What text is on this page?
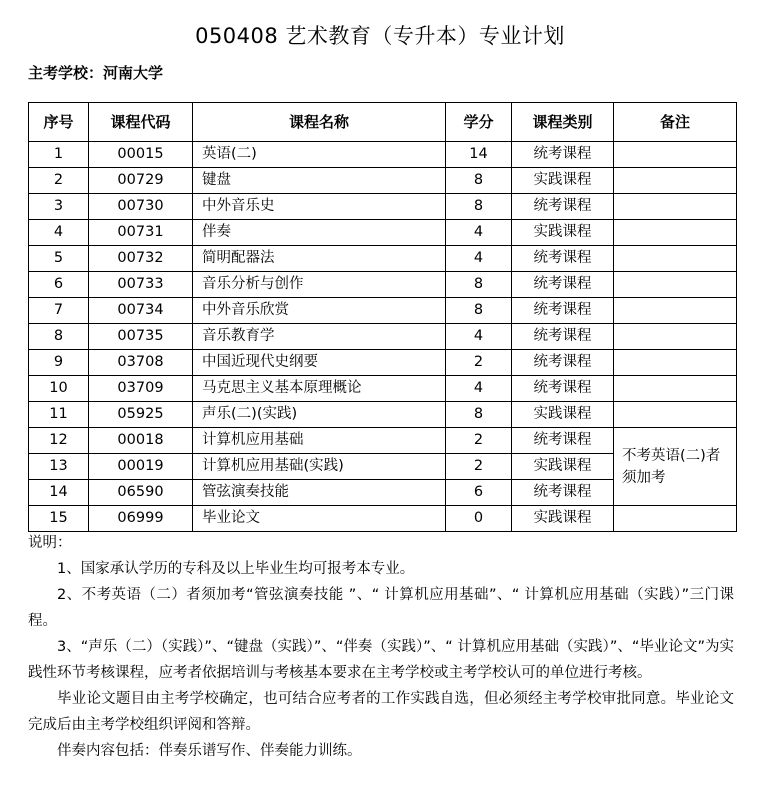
050408 艺术教育（专升本）专业计划
主考学校：河南大学
序号	课程代码	课程名称	学分	课程类别	备注
1	00015	英语(二)	14	统考课程	
2	00729	键盘	8	实践课程	
3	00730	中外音乐史	8	统考课程	
4	00731	伴奏	4	实践课程	
5	00732	简明配器法	4	统考课程	
6	00733	音乐分析与创作	8	统考课程	
7	00734	中外音乐欣赏	8	统考课程	
8	00735	音乐教育学	4	统考课程	
9	03708	中国近现代史纲要	2	统考课程	
10	03709	马克思主义基本原理概论	4	统考课程	
11	05925	声乐(二)(实践)	8	实践课程	
12	00018	计算机应用基础	2	统考课程	不考英语(二)者须加考
13	00019	计算机应用基础(实践)	2	实践课程	
14	06590	管弦演奏技能	6	统考课程	
15	06999	毕业论文	0	实践课程	

说明：

1、国家承认学历的专科及以上毕业生均可报考本专业。

2、不考英语（二）者须加考“管弦演奏技能 ”、“ 计算机应用基础”、“ 计算机应用基础（实践）”三门课程。

3、“声乐（二）（实践）”、“键盘（实践）”、“伴奏（实践）”、“ 计算机应用基础（实践）”、“毕业论文”为实践性环节考核课程，应考者依据培训与考核基本要求在主考学校或主考学校认可的单位进行考核。

毕业论文题目由主考学校确定，也可结合应考者的工作实践自选，但必须经主考学校审批同意。毕业论文完成后由主考学校组织评阅和答辩。

伴奏内容包括：伴奏乐谱写作、伴奏能力训练。
